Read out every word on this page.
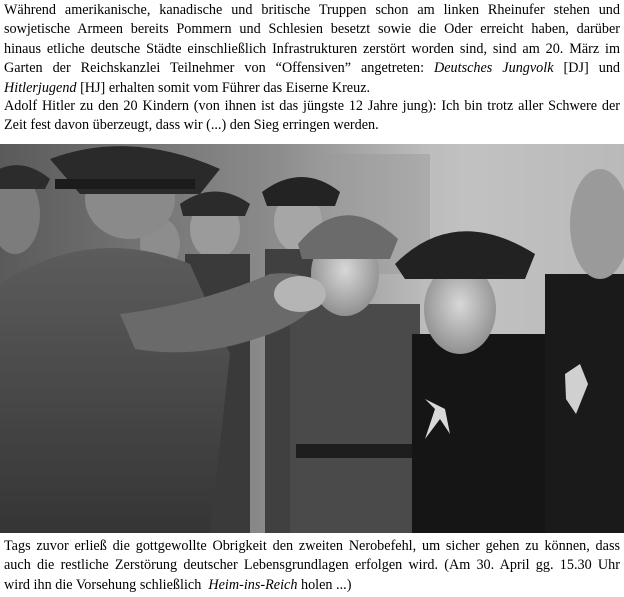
Während amerikanische, kanadische und britische Truppen schon am linken Rheinufer stehen und
sowjetische Armeen bereits Pommern und Schlesien besetzt sowie die Oder erreicht haben, darüber
hinaus etliche deutsche Städte einschließlich Infrastrukturen zerstört worden sind, sind am 20. März im
Garten der Reichskanzlei Teilnehmer von “Offensiven” angetreten: Deutsches Jungvolk [DJ] und
Hitlerjugend [HJ] erhalten somit vom Führer das Eiserne Kreuz.
Adolf Hitler zu den 20 Kindern (von ihnen ist das jüngste 12 Jahre jung): Ich bin trotz aller Schwere der
Zeit fest davon überzeugt, dass wir (...) den Sieg erringen werden.
Tags zuvor erließ die gottgewollte Obrigkeit den zweiten Nerobefehl, um sicher gehen zu können, dass
auch die restliche Zerstörung deutscher Lebensgrundlagen erfolgen wird. (Am 30. April gg. 15.30 Uhr
wird ihn die Vorsehung schließlich  Heim-ins-Reich holen ...)
